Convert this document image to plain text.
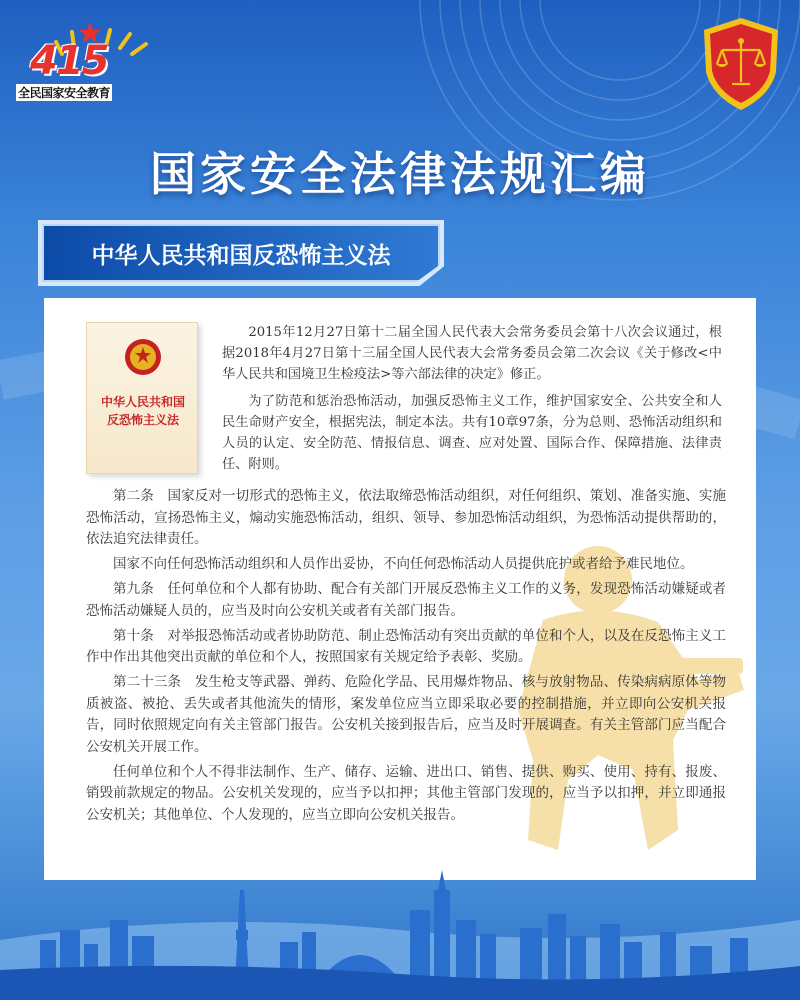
415
全民国家安全教育
国家安全法律法规汇编
中华人民共和国反恐怖主义法
中华人民共和国
反恐怖主义法

2015年12月27日第十二届全国人民代表大会常务委员会第十八次会议通过，根据2018年4月27日第十三届全国人民代表大会常务委员会第二次会议《关于修改<中华人民共和国境卫生检疫法>等六部法律的决定》修正。

为了防范和惩治恐怖活动，加强反恐怖主义工作，维护国家安全、公共安全和人民生命财产安全，根据宪法，制定本法。共有10章97条，分为总则、恐怖活动组织和人员的认定、安全防范、情报信息、调查、应对处置、国际合作、保障措施、法律责任、附则。

第二条　国家反对一切形式的恐怖主义，依法取缔恐怖活动组织，对任何组织、策划、准备实施、实施恐怖活动，宣扬恐怖主义，煽动实施恐怖活动，组织、领导、参加恐怖活动组织，为恐怖活动提供帮助的，依法追究法律责任。

国家不向任何恐怖活动组织和人员作出妥协，不向任何恐怖活动人员提供庇护或者给予难民地位。

第九条　任何单位和个人都有协助、配合有关部门开展反恐怖主义工作的义务，发现恐怖活动嫌疑或者恐怖活动嫌疑人员的，应当及时向公安机关或者有关部门报告。

第十条　对举报恐怖活动或者协助防范、制止恐怖活动有突出贡献的单位和个人，以及在反恐怖主义工作中作出其他突出贡献的单位和个人，按照国家有关规定给予表彰、奖励。

第二十三条　发生枪支等武器、弹药、危险化学品、民用爆炸物品、核与放射物品、传染病病原体等物质被盗、被抢、丢失或者其他流失的情形，案发单位应当立即采取必要的控制措施，并立即向公安机关报告，同时依照规定向有关主管部门报告。公安机关接到报告后，应当及时开展调查。有关主管部门应当配合公安机关开展工作。

任何单位和个人不得非法制作、生产、储存、运输、进出口、销售、提供、购买、使用、持有、报废、销毁前款规定的物品。公安机关发现的，应当予以扣押；其他主管部门发现的，应当予以扣押，并立即通报公安机关；其他单位、个人发现的，应当立即向公安机关报告。
